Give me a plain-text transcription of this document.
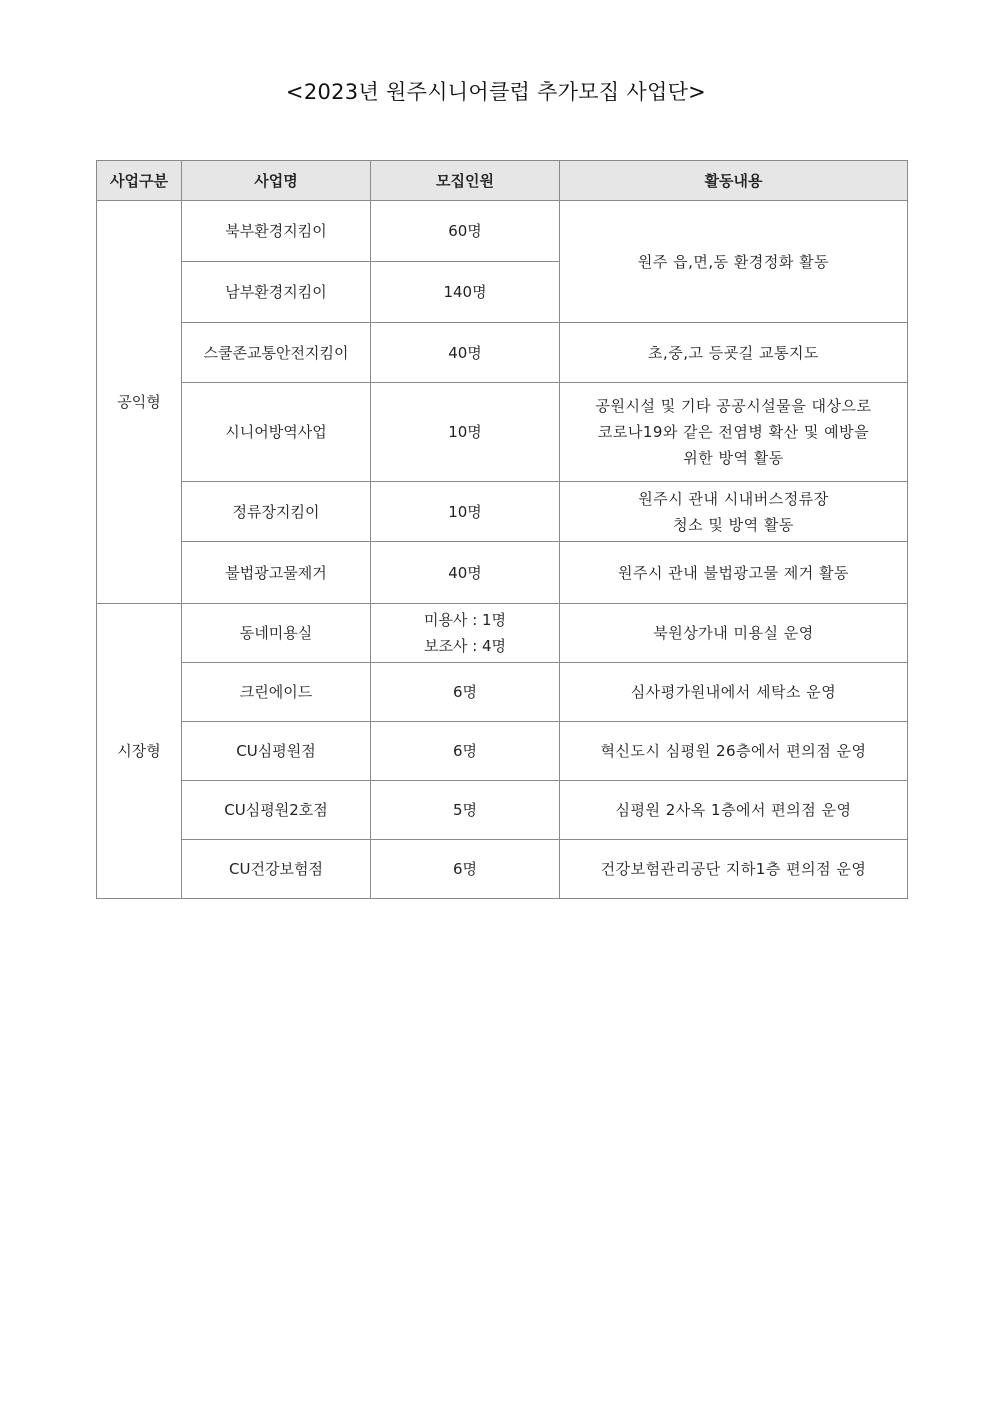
<2023년 원주시니어클럽 추가모집 사업단>
사업구분	사업명	모집인원	활동내용
공익형	북부환경지킴이	60명	원주 읍,면,동 환경정화 활동
	남부환경지킴이	140명	
	스쿨존교통안전지킴이	40명	초,중,고 등굣길 교통지도
	시니어방역사업	10명	공원시설 및 기타 공공시설물을 대상으로
코로나19와 같은 전염병 확산 및 예방을
위한 방역 활동

	정류장지킴이	10명	원주시 관내 시내버스정류장
청소 및 방역 활동

	불법광고물제거	40명	원주시 관내 불법광고물 제거 활동
시장형	동네미용실	미용사 : 1명
보조사 : 4명	북원상가내 미용실 운영
	크린에이드	6명	심사평가원내에서 세탁소 운영
	CU심평원점	6명	혁신도시 심평원 26층에서 편의점 운영
	CU심평원2호점	5명	심평원 2사옥 1층에서 편의점 운영
	CU건강보험점	6명	건강보험관리공단 지하1층 편의점 운영
